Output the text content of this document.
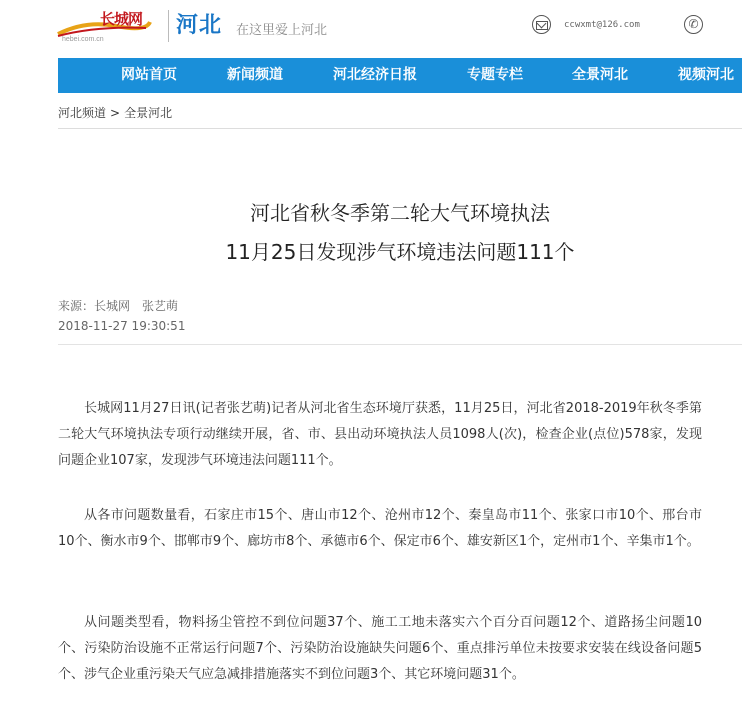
长城网
hebei.com.cn
河北 在这里爱上河北	ccwxmt@126.com	✆
网站首页	新闻频道	河北经济日报	专题专栏	全景河北	视频河北
河北频道 > 全景河北
河北省秋冬季第二轮大气环境执法
11月25日发现涉气环境违法问题111个
来源：长城网 张艺萌
2018-11-27 19:30:51

长城网11月27日讯(记者张艺萌)记者从河北省生态环境厅获悉，11月25日，河北省2018-2019年秋冬季第二轮大气环境执法专项行动继续开展，省、市、县出动环境执法人员1098人(次)，检查企业(点位)578家，发现问题企业107家，发现涉气环境违法问题111个。

从各市问题数量看，石家庄市15个、唐山市12个、沧州市12个、秦皇岛市11个、张家口市10个、邢台市10个、衡水市9个、邯郸市9个、廊坊市8个、承德市6个、保定市6个、雄安新区1个，定州市1个、辛集市1个。

从问题类型看，物料扬尘管控不到位问题37个、施工工地未落实六个百分百问题12个、道路扬尘问题10个、污染防治设施不正常运行问题7个、污染防治设施缺失问题6个、重点排污单位未按要求安装在线设备问题5个、涉气企业重污染天气应急减排措施落实不到位问题3个、其它环境问题31个。
